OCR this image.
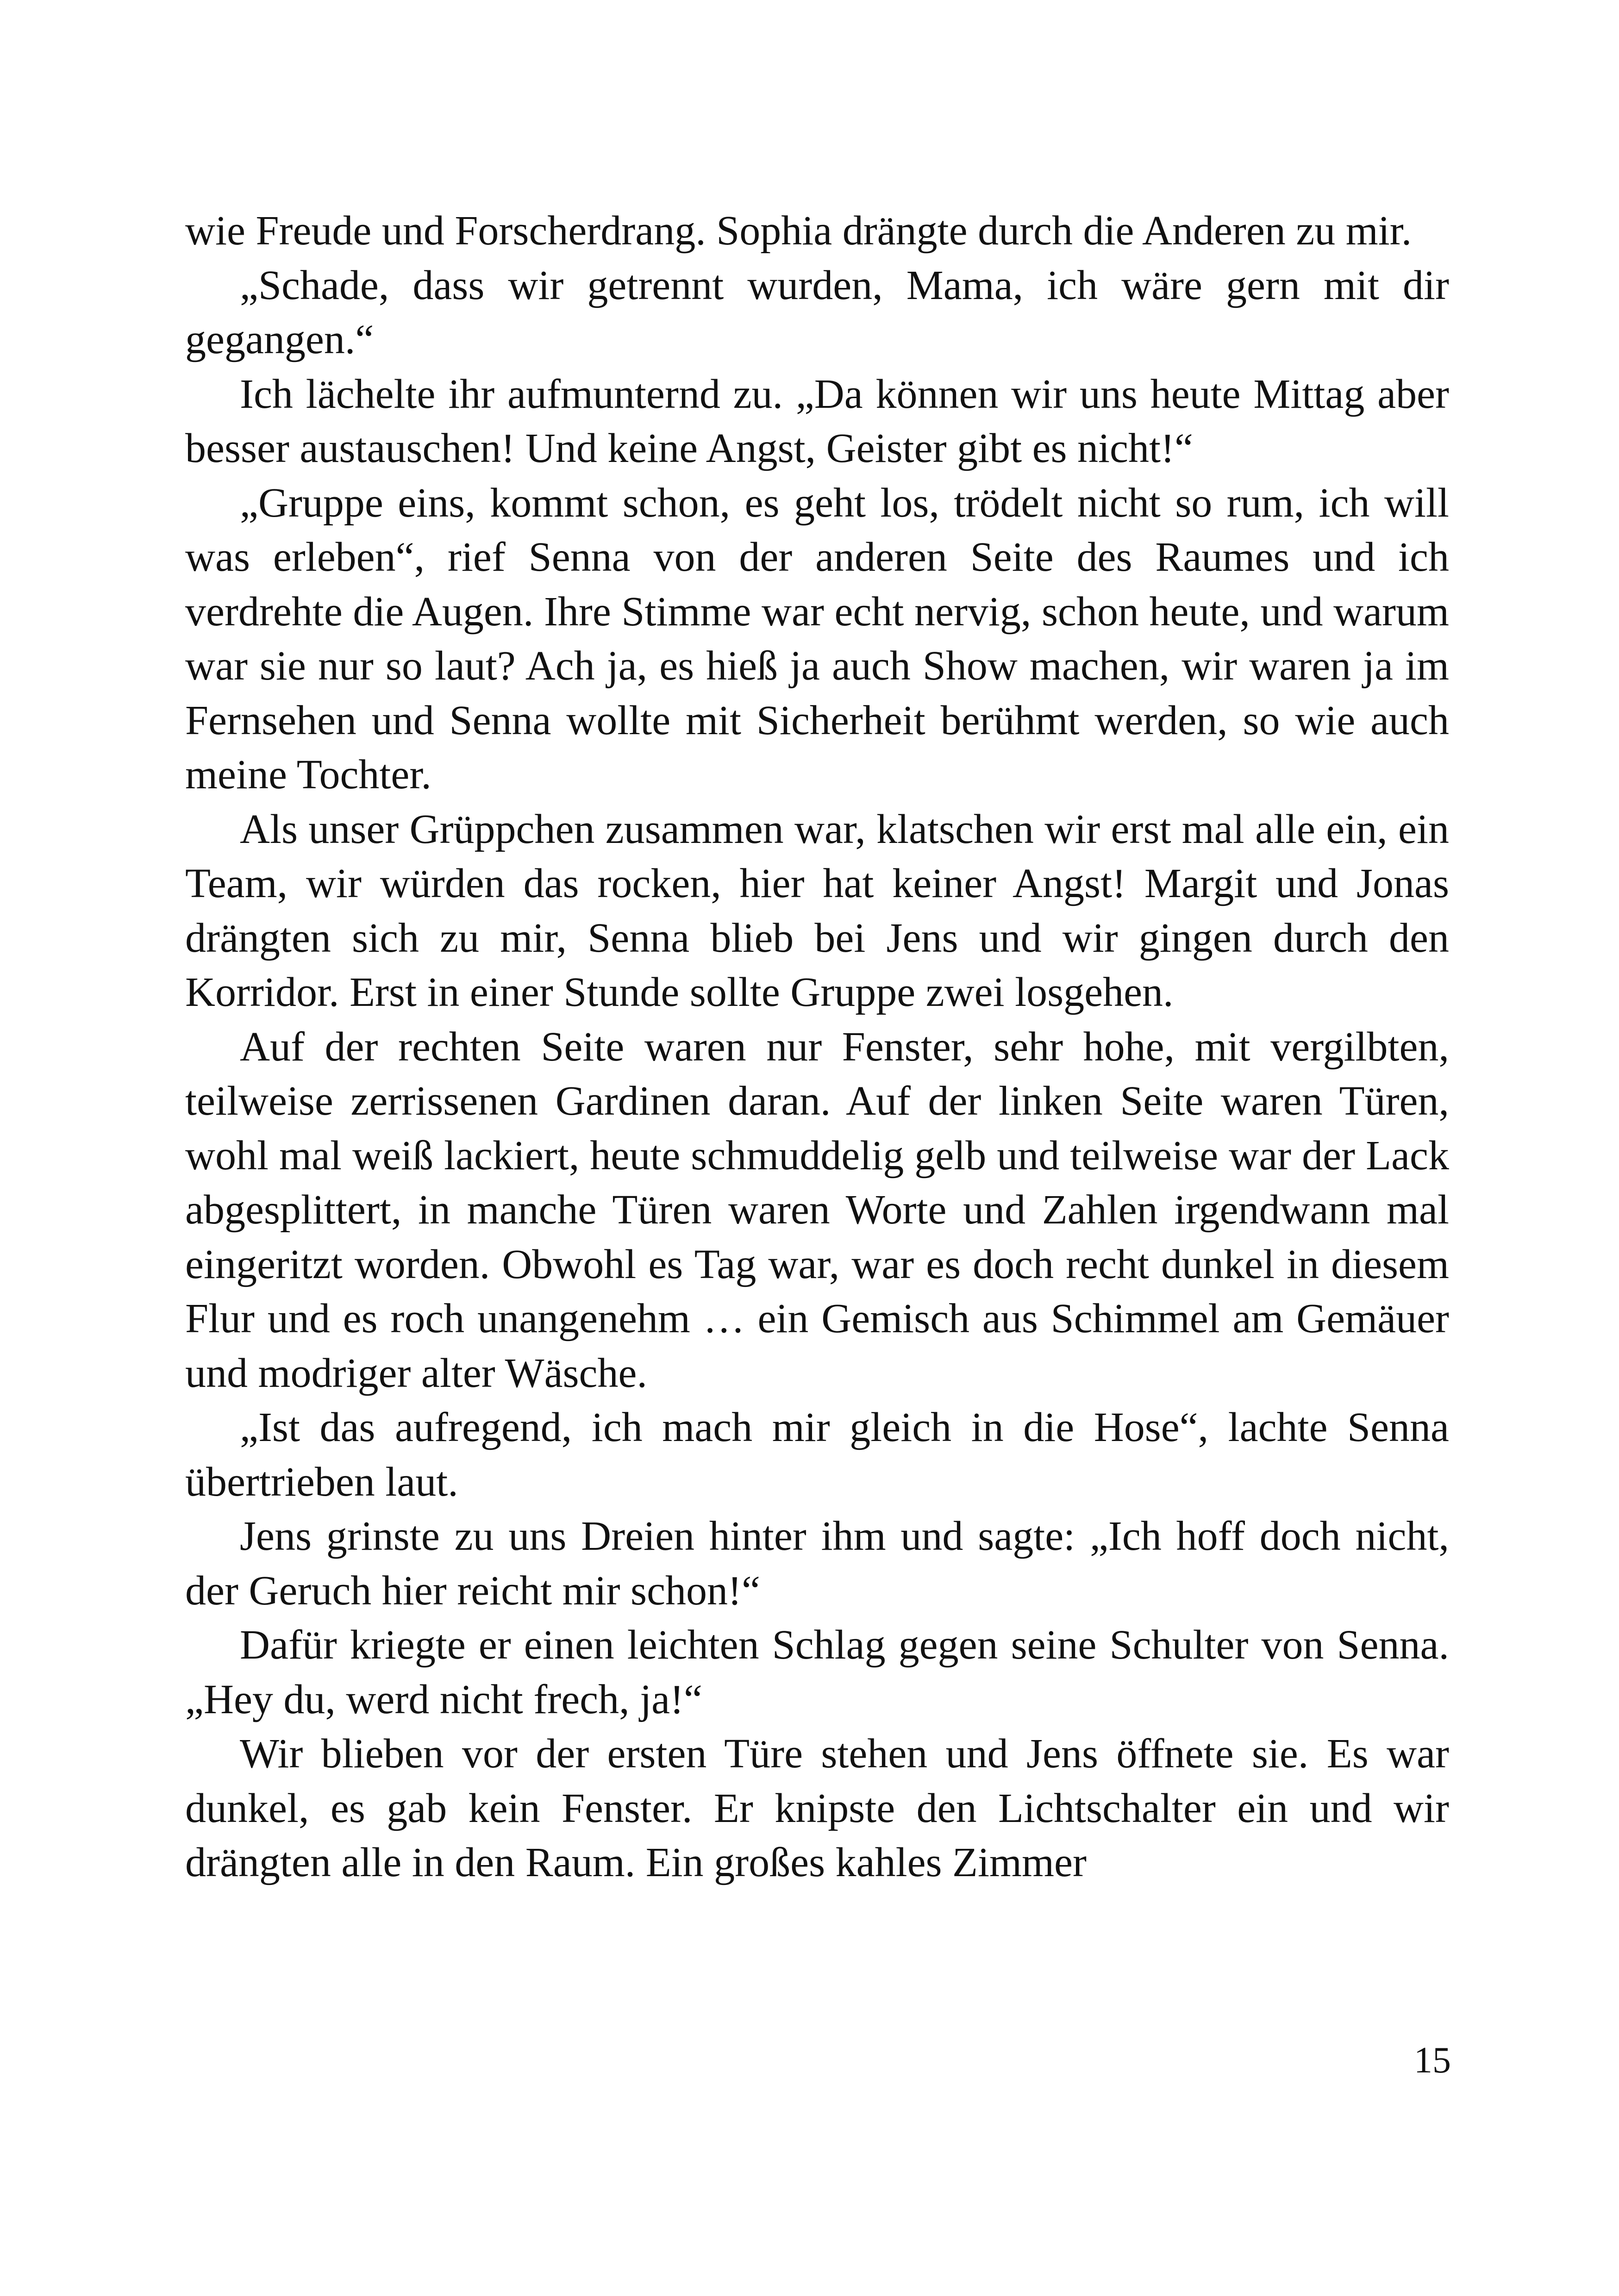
wie Freude und Forscherdrang. Sophia drängte durch die Anderen zu mir.

„Schade, dass wir getrennt wurden, Mama, ich wäre gern mit dir gegangen.“

Ich lächelte ihr aufmunternd zu. „Da können wir uns heute Mittag aber besser austauschen! Und keine Angst, Geister gibt es nicht!“

„Gruppe eins, kommt schon, es geht los, trödelt nicht so rum, ich will was erleben“, rief Senna von der anderen Seite des Raumes und ich verdrehte die Augen. Ihre Stimme war echt nervig, schon heute, und warum war sie nur so laut? Ach ja, es hieß ja auch Show machen, wir waren ja im Fernsehen und Senna wollte mit Sicherheit berühmt werden, so wie auch meine Tochter.

Als unser Grüppchen zusammen war, klatschen wir erst mal alle ein, ein Team, wir würden das rocken, hier hat keiner Angst! Margit und Jonas drängten sich zu mir, Senna blieb bei Jens und wir gingen durch den Korridor. Erst in einer Stunde sollte Gruppe zwei losgehen.

Auf der rechten Seite waren nur Fenster, sehr hohe, mit vergilbten, teilweise zerrissenen Gardinen daran. Auf der linken Seite waren Türen, wohl mal weiß lackiert, heute schmuddelig gelb und teilweise war der Lack abgesplittert, in manche Türen waren Worte und Zahlen irgendwann mal eingeritzt worden. Obwohl es Tag war, war es doch recht dunkel in diesem Flur und es roch unangenehm … ein Gemisch aus Schimmel am Gemäuer und modriger alter Wäsche.

„Ist das aufregend, ich mach mir gleich in die Hose“, lachte Senna übertrieben laut.

Jens grinste zu uns Dreien hinter ihm und sagte: „Ich hoff doch nicht, der Geruch hier reicht mir schon!“

Dafür kriegte er einen leichten Schlag gegen seine Schulter von Senna. „Hey du, werd nicht frech, ja!“

Wir blieben vor der ersten Türe stehen und Jens öffnete sie. Es war dunkel, es gab kein Fenster. Er knipste den Lichtschalter ein und wir drängten alle in den Raum. Ein großes kahles Zimmer

15
